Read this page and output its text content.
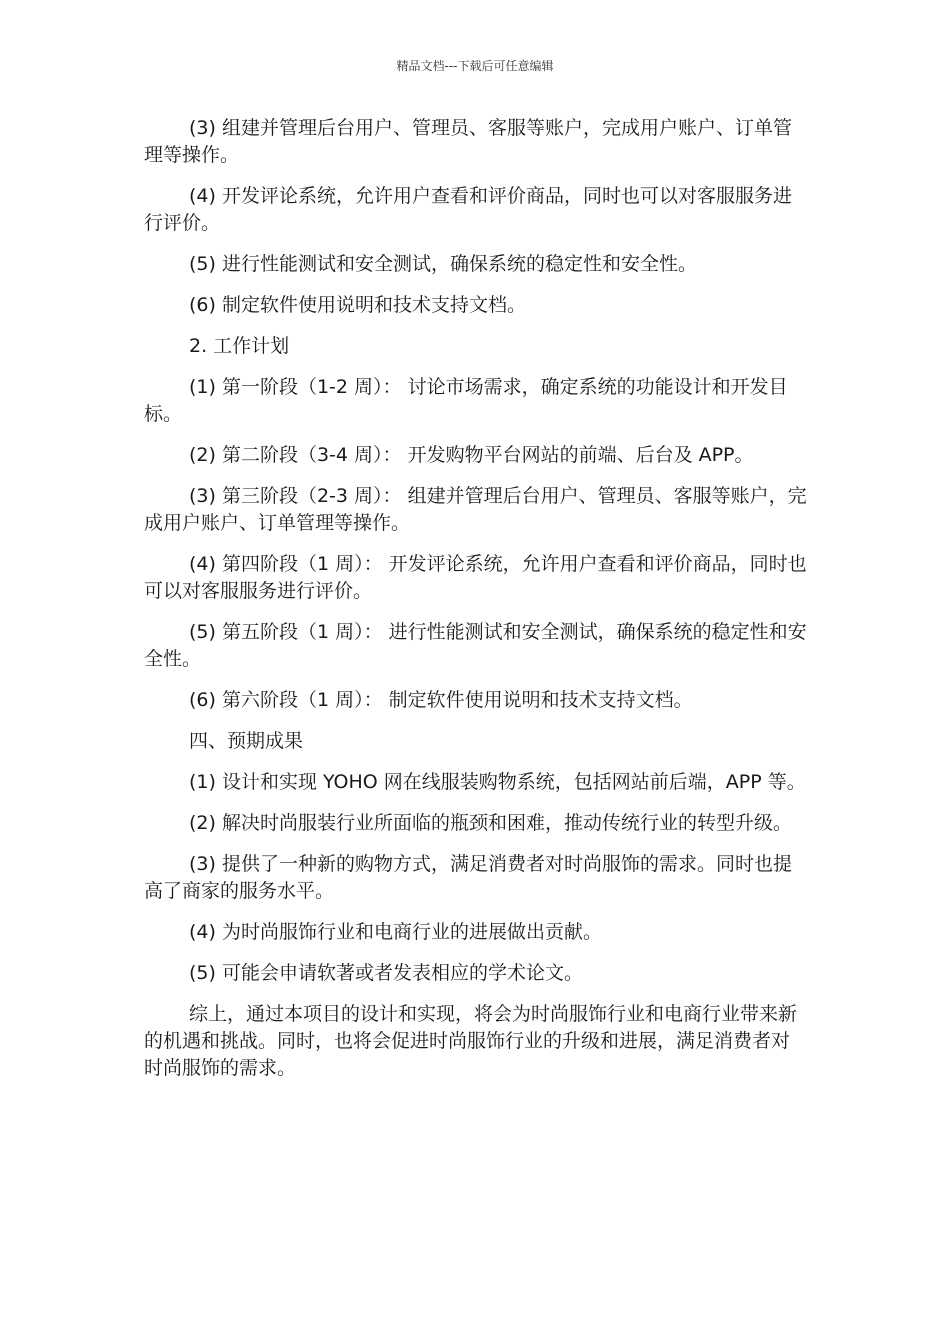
精品文档---下载后可任意编辑

(3) 组建并管理后台用户、管理员、客服等账户，完成用户账户、订单管理等操作。

(4) 开发评论系统，允许用户查看和评价商品，同时也可以对客服服务进行评价。

(5) 进行性能测试和安全测试，确保系统的稳定性和安全性。

(6) 制定软件使用说明和技术支持文档。

2. 工作计划

(1) 第一阶段（1-2 周）： 讨论市场需求，确定系统的功能设计和开发目标。

(2) 第二阶段（3-4 周）： 开发购物平台网站的前端、后台及 APP。

(3) 第三阶段（2-3 周）： 组建并管理后台用户、管理员、客服等账户，完成用户账户、订单管理等操作。

(4) 第四阶段（1 周）： 开发评论系统，允许用户查看和评价商品，同时也可以对客服服务进行评价。

(5) 第五阶段（1 周）： 进行性能测试和安全测试，确保系统的稳定性和安全性。

(6) 第六阶段（1 周）： 制定软件使用说明和技术支持文档。

四、预期成果

(1) 设计和实现 YOHO 网在线服装购物系统，包括网站前后端，APP 等。

(2) 解决时尚服装行业所面临的瓶颈和困难，推动传统行业的转型升级。

(3) 提供了一种新的购物方式，满足消费者对时尚服饰的需求。同时也提高了商家的服务水平。

(4) 为时尚服饰行业和电商行业的进展做出贡献。

(5) 可能会申请软著或者发表相应的学术论文。

综上，通过本项目的设计和实现，将会为时尚服饰行业和电商行业带来新的机遇和挑战。同时，也将会促进时尚服饰行业的升级和进展，满足消费者对时尚服饰的需求。
